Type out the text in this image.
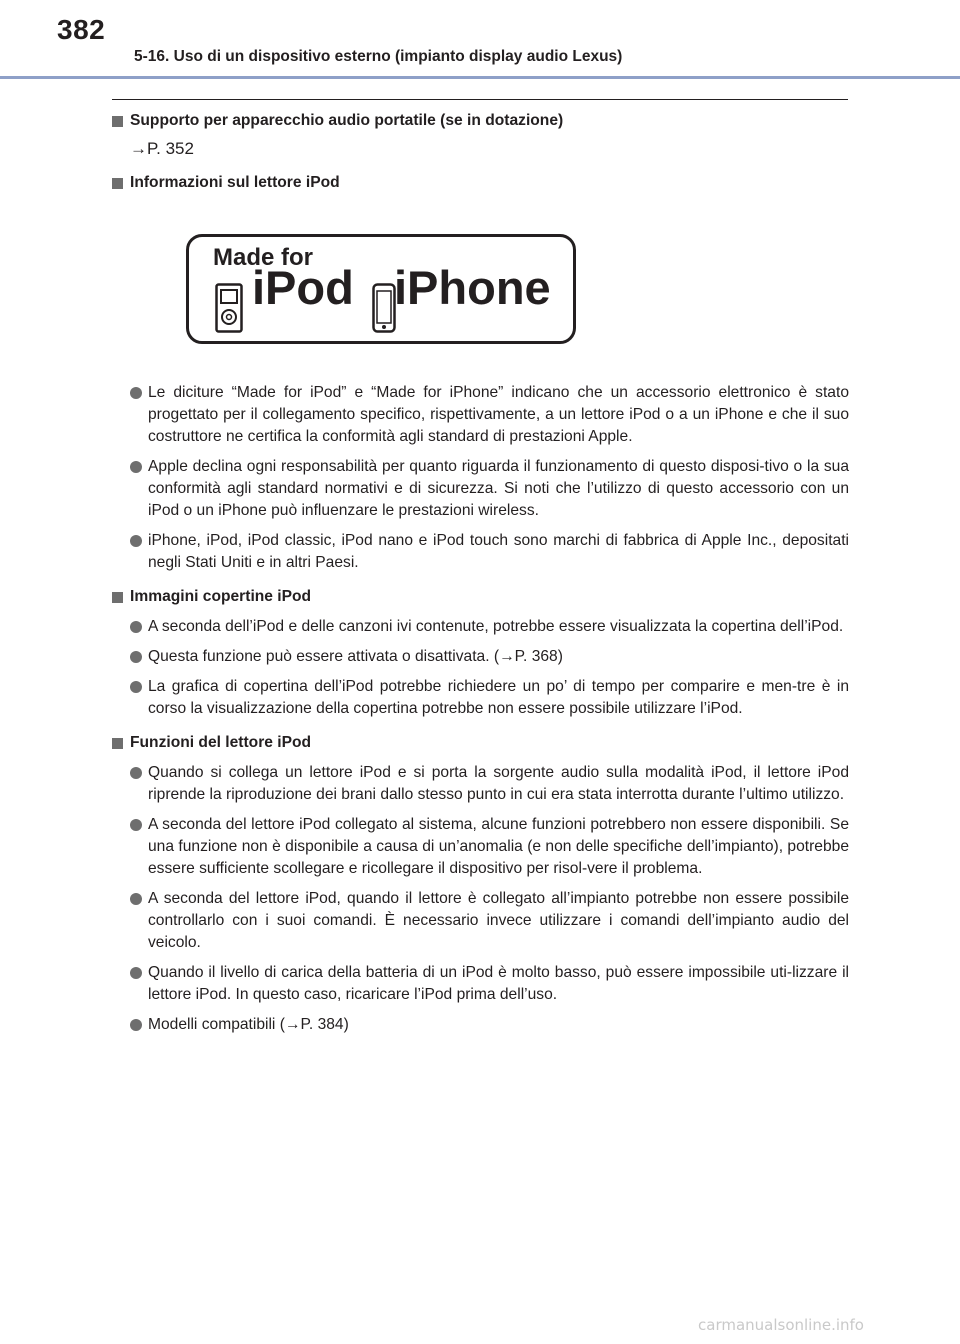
382
5-16. Uso di un dispositivo esterno (impianto display audio Lexus)

Supporto per apparecchio audio portatile (se in dotazione)

→P. 352

Informazioni sul lettore iPod

Made for
iPod iPhone

Le diciture “Made for iPod” e “Made for iPhone” indicano che un accessorio elettronico è stato progettato per il collegamento specifico, rispettivamente, a un lettore iPod o a un iPhone e che il suo costruttore ne certifica la conformità agli standard di prestazioni Apple.

Apple declina ogni responsabilità per quanto riguarda il funzionamento di questo disposi-tivo o la sua conformità agli standard normativi e di sicurezza. Si noti che l’utilizzo di questo accessorio con un iPod o un iPhone può influenzare le prestazioni wireless.

iPhone, iPod, iPod classic, iPod nano e iPod touch sono marchi di fabbrica di Apple Inc., depositati negli Stati Uniti e in altri Paesi.

Immagini copertine iPod

A seconda dell’iPod e delle canzoni ivi contenute, potrebbe essere visualizzata la copertina dell’iPod.

Questa funzione può essere attivata o disattivata. (→P. 368)

La grafica di copertina dell’iPod potrebbe richiedere un po’ di tempo per comparire e men-tre è in corso la visualizzazione della copertina potrebbe non essere possibile utilizzare l’iPod.

Funzioni del lettore iPod

Quando si collega un lettore iPod e si porta la sorgente audio sulla modalità iPod, il lettore iPod riprende la riproduzione dei brani dallo stesso punto in cui era stata interrotta durante l’ultimo utilizzo.

A seconda del lettore iPod collegato al sistema, alcune funzioni potrebbero non essere disponibili. Se una funzione non è disponibile a causa di un’anomalia (e non delle specifiche dell’impianto), potrebbe essere sufficiente scollegare e ricollegare il dispositivo per risol-vere il problema.

A seconda del lettore iPod, quando il lettore è collegato all’impianto potrebbe non essere possibile controllarlo con i suoi comandi. È necessario invece utilizzare i comandi dell’impianto audio del veicolo.

Quando il livello di carica della batteria di un iPod è molto basso, può essere impossibile uti-lizzare il lettore iPod. In questo caso, ricaricare l’iPod prima dell’uso.

Modelli compatibili (→P. 384)

carmanualsonline.info
